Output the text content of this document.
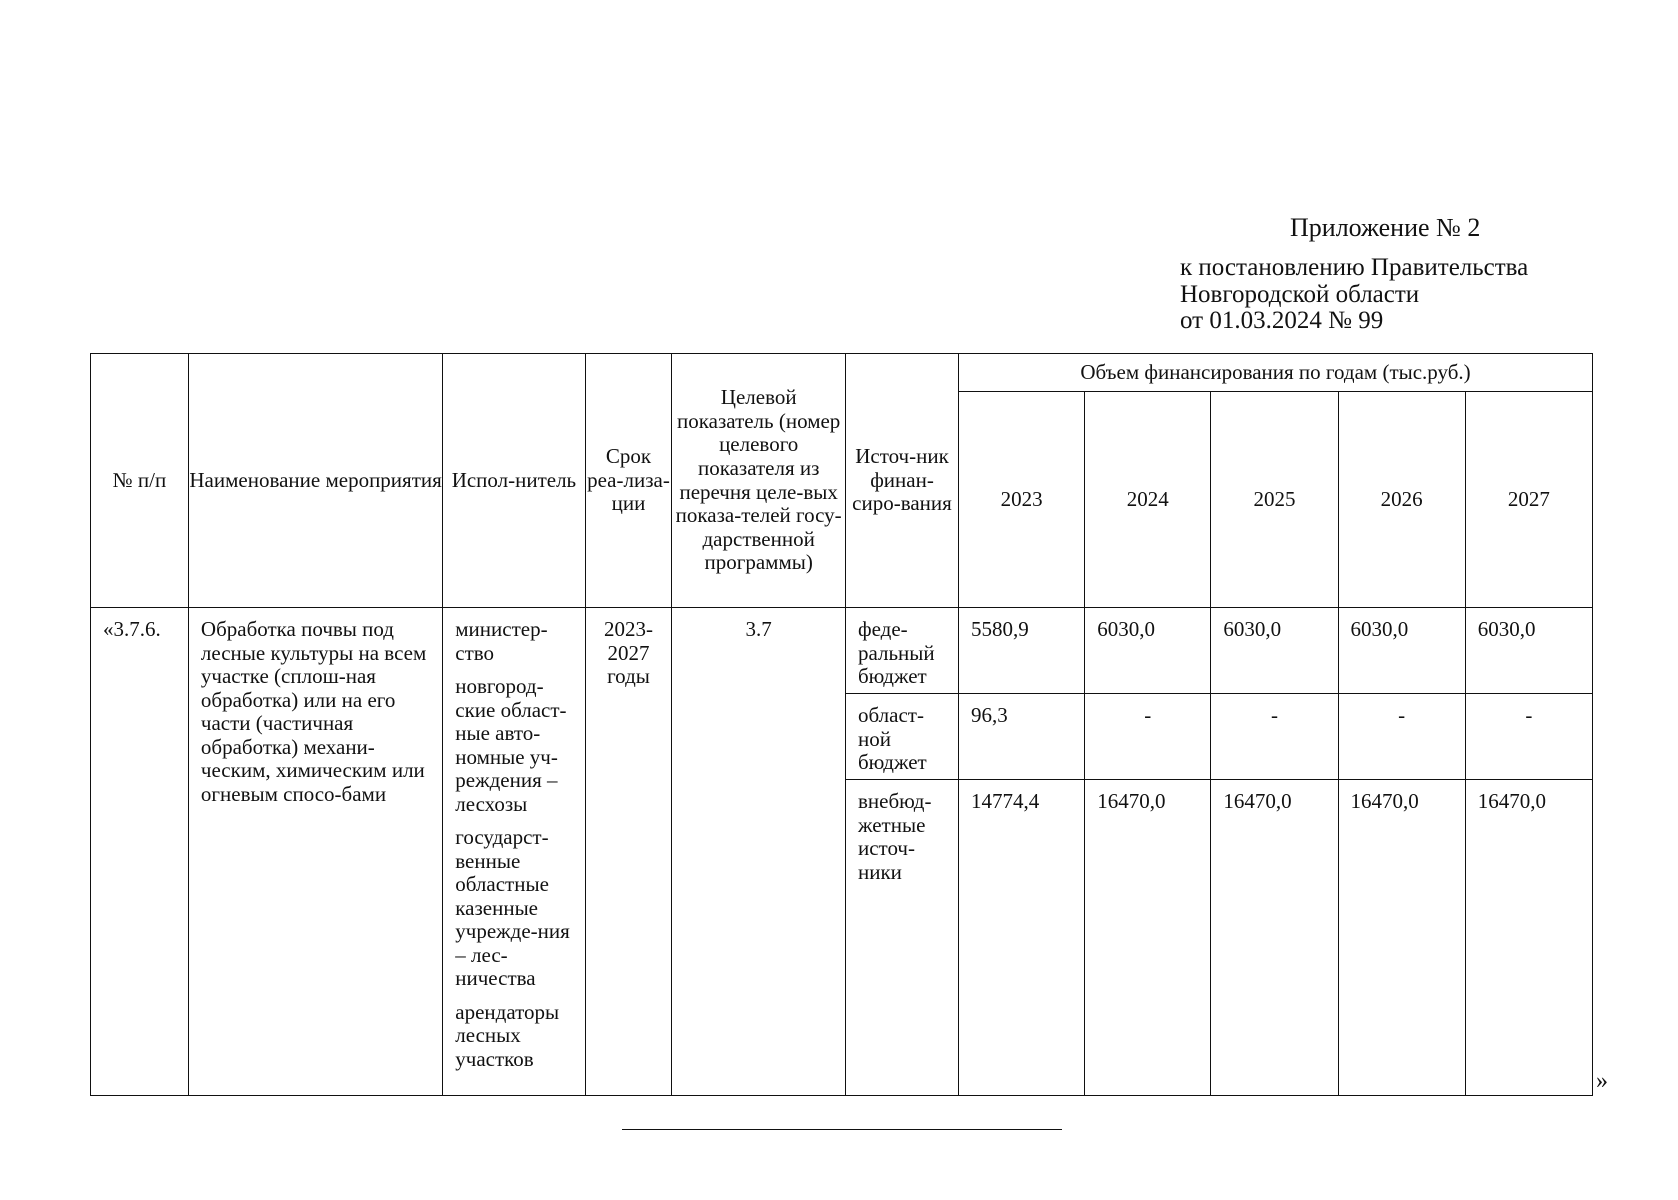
Приложение № 2
к постановлению Правительства
Новгородской области
от 01.03.2024 № 99
№ п/п	Наименование мероприятия	Испол-нитель	Срок реа-лиза-ции	Целевой показатель (номер целевого показателя из перечня целе-вых показа-телей госу-дарственной программы)	Источ-ник финан-сиро-вания	Объем финансирования по годам (тыс.руб.)				
						2023	2024	2025	2026	2027
«3.7.6.	Обработка почвы под лесные культуры на всем участке (сплош-ная обработка) или на его части (частичная обработка) механи-ческим, химическим или огневым спосо-бами	министер-ство
новгород-ские област-ные авто-номные уч-реждения – лесхозы
государст-венные областные казенные учрежде-ния – лес-ничества
арендаторы лесных участков	2023-2027 годы	3.7	феде-ральный бюджет	5580,9	6030,0	6030,0	6030,0	6030,0
					област-ной бюджет	96,3	-	-	-	-
					внебюд-жетные источ-ники	14774,4	16470,0	16470,0	16470,0	16470,0
»
